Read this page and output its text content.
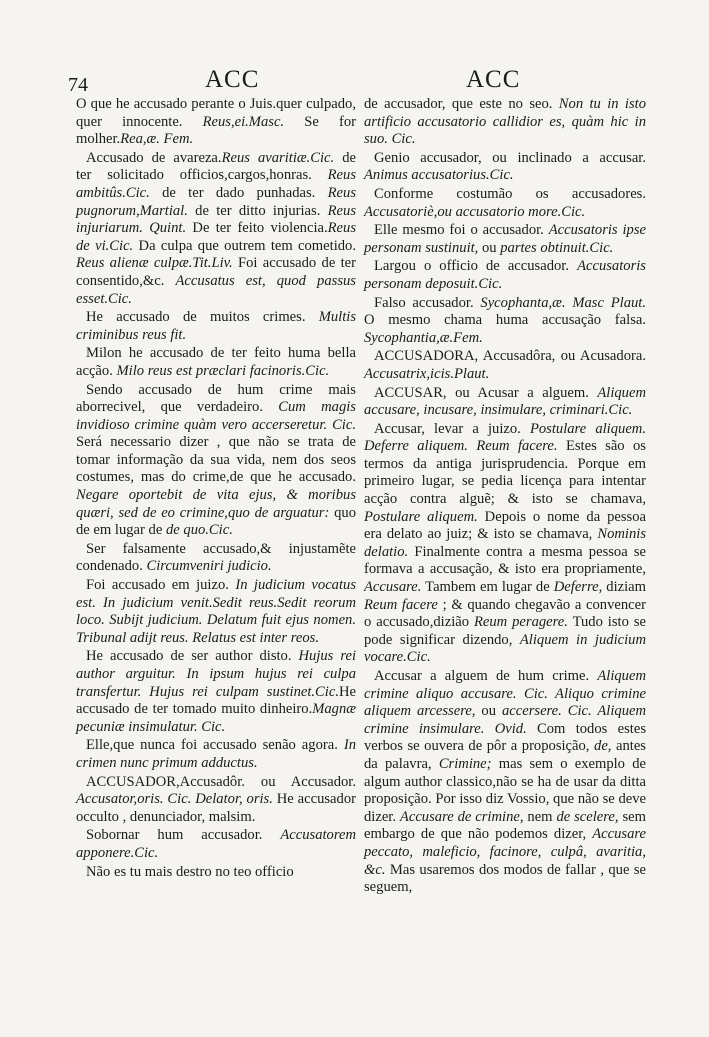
74	ACC	ACC

O que he accusado perante o Juis.quer culpado, quer innocente. Reus,ei.Masc. Se for molher.Rea,æ. Fem.

Accusado de avareza.Reus avaritiæ.Cic. de ter solicitado officios,cargos,honras. Reus ambitûs.Cic. de ter dado punhadas. Reus pugnorum,Martial. de ter ditto injurias. Reus injuriarum. Quint. De ter feito violencia.Reus de vi.Cic. Da culpa que outrem tem cometido. Reus alienæ culpæ.Tit.Liv. Foi accusado de ter consentido,&c. Accusatus est, quod passus esset.Cic.

He accusado de muitos crimes. Multis criminibus reus fit.

Milon he accusado de ter feito huma bella acção. Milo reus est præclari facinoris.Cic.

Sendo accusado de hum crime mais aborrecivel, que verdadeiro. Cum magis invidioso crimine quàm vero accerseretur. Cic. Será necessario dizer , que não se trata de tomar informação da sua vida, nem dos seos costumes, mas do crime,de que he accusado. Negare oportebit de vita ejus, & moribus quæri, sed de eo crimine,quo de arguatur: quo de em lugar de de quo.Cic.

Ser falsamente accusado,& injustamẽte condenado. Circumveniri judicio.

Foi accusado em juizo. In judicium vocatus est. In judicium venit.Sedit reus.Sedit reorum loco. Subijt judicium. Delatum fuit ejus nomen. Tribunal adijt reus. Relatus est inter reos.

He accusado de ser author disto. Hujus rei author arguitur. In ipsum hujus rei culpa transfertur. Hujus rei culpam sustinet.Cic.He accusado de ter tomado muito dinheiro.Magnæ pecuniæ insimulatur. Cic.

Elle,que nunca foi accusado senão agora. In crimen nunc primum adductus.

ACCUSADOR,Accusadôr. ou Accusador. Accusator,oris. Cic. Delator, oris. He accusador occulto , denunciador, malsim.

Sobornar hum accusador. Accusatorem apponere.Cic.

Não es tu mais destro no teo officio

de accusador, que este no seo. Non tu in isto artificio accusatorio callidior es, quàm hic in suo. Cic.

Genio accusador, ou inclinado a accusar. Animus accusatorius.Cic.

Conforme costumão os accusadores. Accusatoriè,ou accusatorio more.Cic.

Elle mesmo foi o accusador. Accusatoris ipse personam sustinuit, ou partes obtinuit.Cic.

Largou o officio de accusador. Accusatoris personam deposuit.Cic.

Falso accusador. Sycophanta,æ. Masc Plaut. O mesmo chama huma accusação falsa. Sycophantia,æ.Fem.

ACCUSADORA, Accusadôra, ou Acusadora. Accusatrix,icis.Plaut.

ACCUSAR, ou Acusar a alguem. Aliquem accusare, incusare, insimulare, criminari.Cic.

Accusar, levar a juizo. Postulare aliquem. Deferre aliquem. Reum facere. Estes são os termos da antiga jurisprudencia. Porque em primeiro lugar, se pedia licença para intentar acção contra alguẽ; & isto se chamava, Postulare aliquem. Depois o nome da pessoa era delato ao juiz; & isto se chamava, Nominis delatio. Finalmente contra a mesma pessoa se formava a accusação, & isto era propriamente, Accusare. Tambem em lugar de Deferre, diziam Reum facere ; & quando chegavão a convencer o accusado,dizião Reum peragere. Tudo isto se pode significar dizendo, Aliquem in judicium vocare.Cic.

Accusar a alguem de hum crime. Aliquem crimine aliquo accusare. Cic. Aliquo crimine aliquem arcessere, ou accersere. Cic. Aliquem crimine insimulare. Ovid. Com todos estes verbos se ouvera de pôr a proposição, de, antes da palavra, Crimine; mas sem o exemplo de algum author classico,não se ha de usar da ditta proposição. Por isso diz Vossio, que não se deve dizer. Accusare de crimine, nem de scelere, sem embargo de que não podemos dizer, Accusare peccato, maleficio, facinore, culpâ, avaritia, &c. Mas usaremos dos modos de fallar , que se seguem,
